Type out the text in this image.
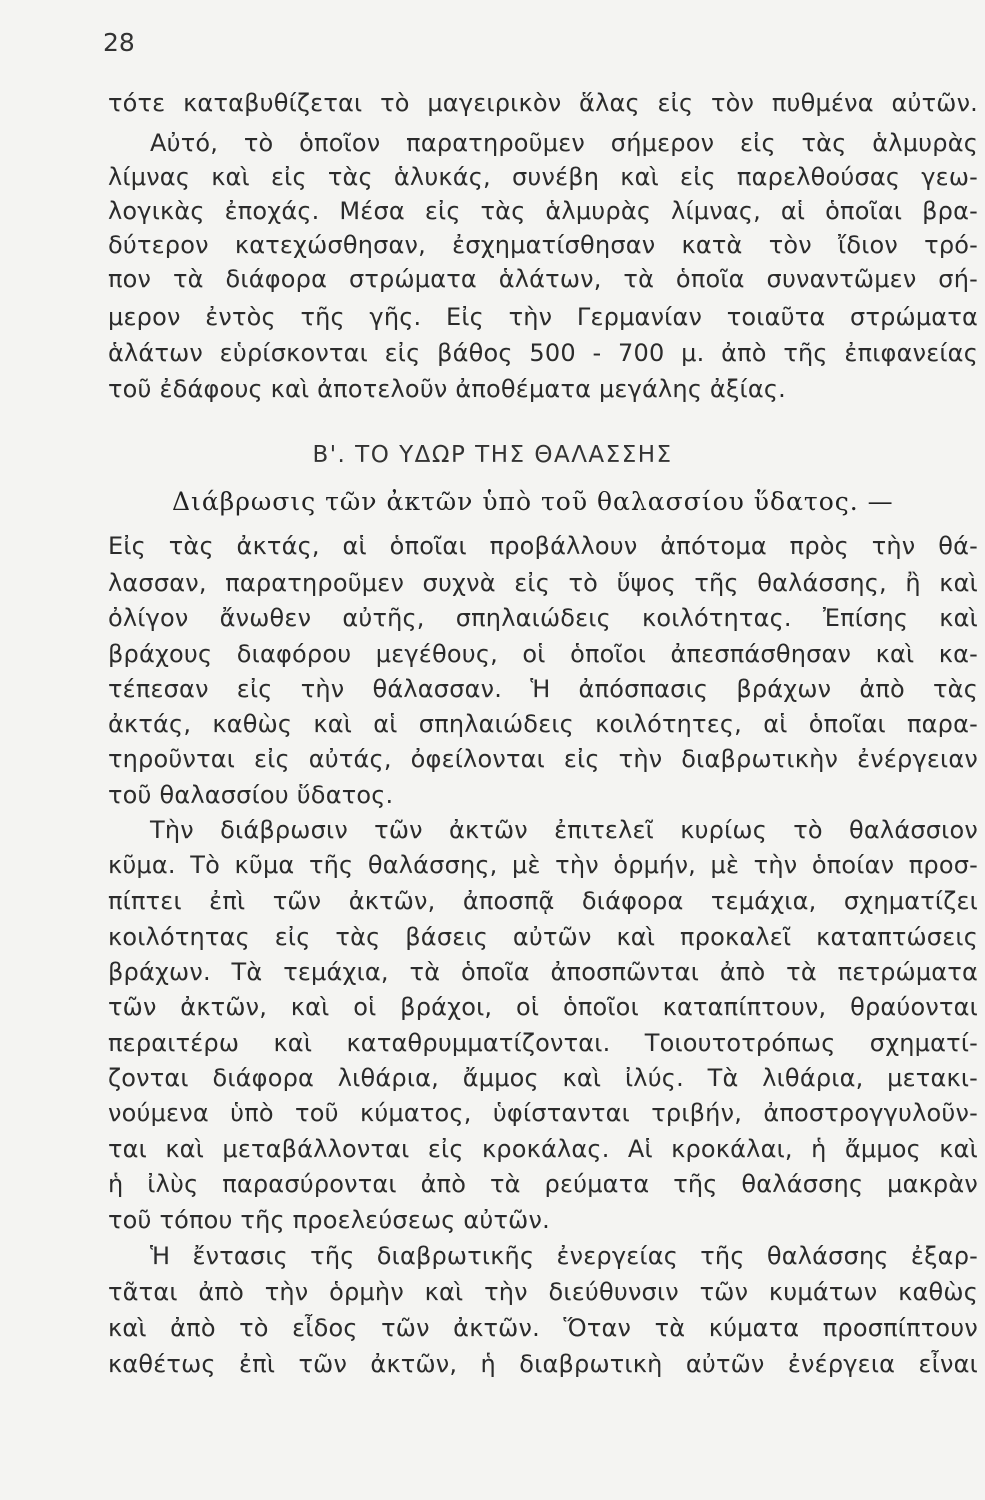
28
τότε καταβυθίζεται τὸ μαγειρικὸν ἅλας εἰς τὸν πυθμένα αὐτῶν.
Αὐτό, τὸ ὁποῖον παρατηροῦμεν σήμερον εἰς τὰς ἁλμυρὰς
λίμνας καὶ εἰς τὰς ἁλυκάς, συνέβη καὶ εἰς παρελθούσας γεω-
λογικὰς ἐποχάς. Μέσα εἰς τὰς ἁλμυρὰς λίμνας, αἱ ὁποῖαι βρα-
δύτερον κατεχώσθησαν, ἐσχηματίσθησαν κατὰ τὸν ἴδιον τρό-
πον τὰ διάφορα στρώματα ἁλάτων, τὰ ὁποῖα συναντῶμεν σή-
μερον ἐντὸς τῆς γῆς. Εἰς τὴν Γερμανίαν τοιαῦτα στρώματα
ἁλάτων εὑρίσκονται εἰς βάθος 500 - 700 μ. ἀπὸ τῆς ἐπιφανείας
τοῦ ἐδάφους καὶ ἀποτελοῦν ἀποθέματα μεγάλης ἀξίας.
Β'. ΤΟ ΥΔΩΡ ΤΗΣ ΘΑΛΑΣΣΗΣ
Διάβρωσις τῶν ἀκτῶν ὑπὸ τοῦ θαλασσίου ὕδατος. —
Εἰς τὰς ἀκτάς, αἱ ὁποῖαι προβάλλουν ἀπότομα πρὸς τὴν θά-
λασσαν, παρατηροῦμεν συχνὰ εἰς τὸ ὕψος τῆς θαλάσσης, ἢ καὶ
ὀλίγον ἄνωθεν αὐτῆς, σπηλαιώδεις κοιλότητας. Ἐπίσης καὶ
βράχους διαφόρου μεγέθους, οἱ ὁποῖοι ἀπεσπάσθησαν καὶ κα-
τέπεσαν εἰς τὴν θάλασσαν. Ἡ ἀπόσπασις βράχων ἀπὸ τὰς
ἀκτάς, καθὼς καὶ αἱ σπηλαιώδεις κοιλότητες, αἱ ὁποῖαι παρα-
τηροῦνται εἰς αὐτάς, ὀφείλονται εἰς τὴν διαβρωτικὴν ἐνέργειαν
τοῦ θαλασσίου ὕδατος.
Τὴν διάβρωσιν τῶν ἀκτῶν ἐπιτελεῖ κυρίως τὸ θαλάσσιον
κῦμα. Τὸ κῦμα τῆς θαλάσσης, μὲ τὴν ὁρμήν, μὲ τὴν ὁποίαν προσ-
πίπτει ἐπὶ τῶν ἀκτῶν, ἀποσπᾷ διάφορα τεμάχια, σχηματίζει
κοιλότητας εἰς τὰς βάσεις αὐτῶν καὶ προκαλεῖ καταπτώσεις
βράχων. Τὰ τεμάχια, τὰ ὁποῖα ἀποσπῶνται ἀπὸ τὰ πετρώματα
τῶν ἀκτῶν, καὶ οἱ βράχοι, οἱ ὁποῖοι καταπίπτουν, θραύονται
περαιτέρω καὶ καταθρυμματίζονται. Τοιουτοτρόπως σχηματί-
ζονται διάφορα λιθάρια, ἄμμος καὶ ἰλύς. Τὰ λιθάρια, μετακι-
νούμενα ὑπὸ τοῦ κύματος, ὑφίστανται τριβήν, ἀποστρογγυλοῦν-
ται καὶ μεταβάλλονται εἰς κροκάλας. Αἱ κροκάλαι, ἡ ἄμμος καὶ
ἡ ἰλὺς παρασύρονται ἀπὸ τὰ ρεύματα τῆς θαλάσσης μακρὰν
τοῦ τόπου τῆς προελεύσεως αὐτῶν.
Ἡ ἔντασις τῆς διαβρωτικῆς ἐνεργείας τῆς θαλάσσης ἐξαρ-
τᾶται ἀπὸ τὴν ὁρμὴν καὶ τὴν διεύθυνσιν τῶν κυμάτων καθὼς
καὶ ἀπὸ τὸ εἶδος τῶν ἀκτῶν. Ὅταν τὰ κύματα προσπίπτουν
καθέτως ἐπὶ τῶν ἀκτῶν, ἡ διαβρωτικὴ αὐτῶν ἐνέργεια εἶναι
